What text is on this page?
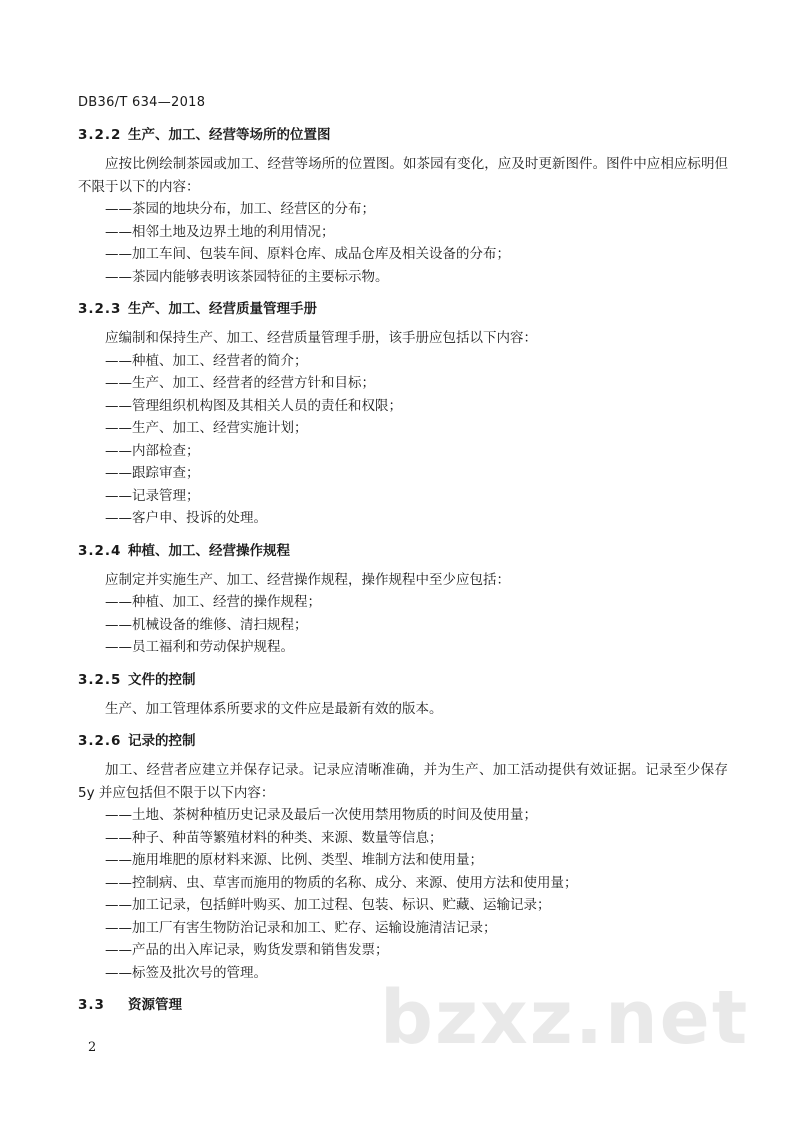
DB36/T 634—2018
3.2.2 生产、加工、经营等场所的位置图

应按比例绘制茶园或加工、经营等场所的位置图。如茶园有变化，应及时更新图件。图件中应相应标明但不限于以下的内容：

——茶园的地块分布，加工、经营区的分布；
——相邻土地及边界土地的利用情况；
——加工车间、包装车间、原料仓库、成品仓库及相关设备的分布；
——茶园内能够表明该茶园特征的主要标示物。
3.2.3 生产、加工、经营质量管理手册

应编制和保持生产、加工、经营质量管理手册，该手册应包括以下内容：

——种植、加工、经营者的简介；
——生产、加工、经营者的经营方针和目标；
——管理组织机构图及其相关人员的责任和权限；
——生产、加工、经营实施计划；
——内部检查；
——跟踪审查；
——记录管理；
——客户申、投诉的处理。
3.2.4 种植、加工、经营操作规程

应制定并实施生产、加工、经营操作规程，操作规程中至少应包括：

——种植、加工、经营的操作规程；
——机械设备的维修、清扫规程；
——员工福利和劳动保护规程。
3.2.5 文件的控制

生产、加工管理体系所要求的文件应是最新有效的版本。

3.2.6 记录的控制

加工、经营者应建立并保存记录。记录应清晰准确，并为生产、加工活动提供有效证据。记录至少保存 5y 并应包括但不限于以下内容：

——土地、茶树种植历史记录及最后一次使用禁用物质的时间及使用量；
——种子、种苗等繁殖材料的种类、来源、数量等信息；
——施用堆肥的原材料来源、比例、类型、堆制方法和使用量；
——控制病、虫、草害而施用的物质的名称、成分、来源、使用方法和使用量；
——加工记录，包括鲜叶购买、加工过程、包装、标识、贮藏、运输记录；
——加工厂有害生物防治记录和加工、贮存、运输设施清洁记录；
——产品的出入库记录，购货发票和销售发票；
——标签及批次号的管理。
3.3 资源管理
2	bzxz.net
